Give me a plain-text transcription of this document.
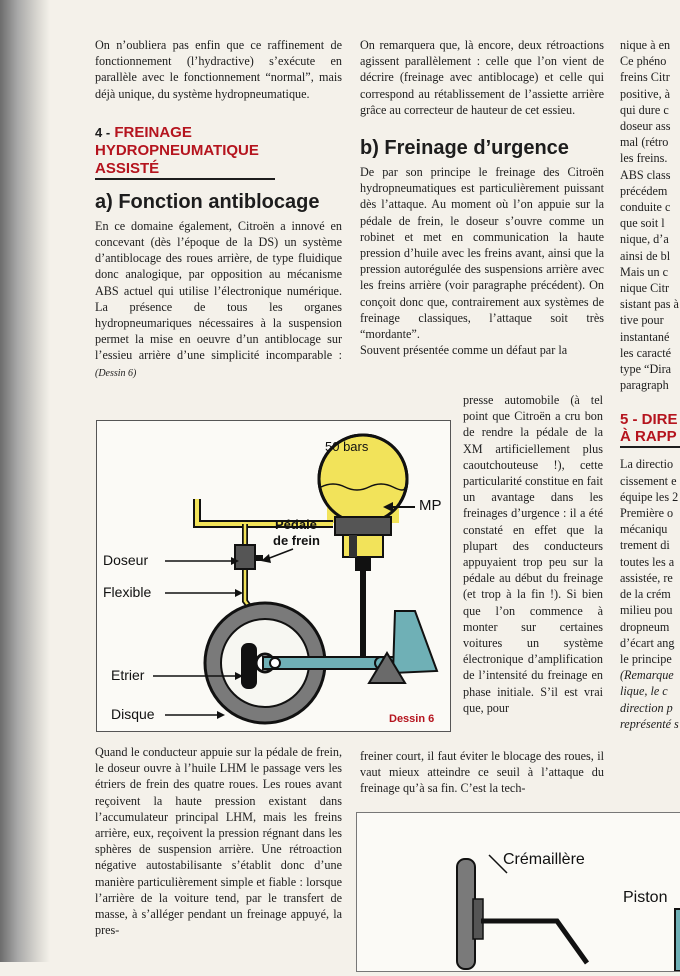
On n’oubliera pas enfin que ce raffinement de fonctionnement (l’hydractive) s’exécute en parallèle avec le fonctionnement “normal”, mais déjà unique, du système hydropneumatique.

4 - FREINAGE
HYDROPNEUMATIQUE
ASSISTÉ
a) Fonction antiblocage

En ce domaine également, Citroën a innové en concevant (dès l’époque de la DS) un système d’antiblocage des roues arrière, de type fluidique donc analogique, par opposition au mécanisme ABS actuel qui utilise l’électronique numérique. La présence de tous les organes hydropneumariques nécessaires à la suspension permet la mise en oeuvre d’un antiblocage sur l’essieu arrière d’une simplicité incomparable : (Dessin 6)

50 bars
MP
Pédale
de frein
Doseur
Flexible
Etrier
Disque	Dessin 6

Quand le conducteur appuie sur la pédale de frein, le doseur ouvre à l’huile LHM le passage vers les étriers de frein des quatre roues. Les roues avant reçoivent la haute pression existant dans l’accumulateur principal LHM, mais les freins arrière, eux, reçoivent la pression régnant dans les sphères de suspension arrière. Une rétroaction négative autostabilisante s’établit donc d’une manière particulièrement simple et fiable : lorsque l’arrière de la voiture tend, par le transfert de masse, à s’alléger pendant un freinage appuyé, la pres-

On remarquera que, là encore, deux rétroactions agissent parallèlement : celle que l’on vient de décrire (freinage avec antiblocage) et celle qui correspond au rétablissement de l’assiette arrière grâce au correcteur de hauteur de cet essieu.

b) Freinage d’urgence

De par son principe le freinage des Citroën hydropneumatiques est particulièrement puissant dès l’attaque. Au moment où l’on appuie sur la pédale de frein, le doseur s’ouvre comme un robinet et met en communication la haute pression d’huile avec les freins avant, ainsi que la pression autorégulée des suspensions arrière avec les freins arrière (voir paragraphe précédent). On conçoit donc que, contrairement aux systèmes de freinage classiques, l’attaque soit très “mordante”.

Souvent présentée comme un défaut par la

presse automobile (à tel point que Citroën a cru bon de rendre la pédale de la XM artificiellement plus caoutchouteuse !), cette particularité constitue en fait un avantage dans les freinages d’urgence : il a été constaté en effet que la plupart des conducteurs appuyaient trop peu sur la pédale au début du freinage (et trop à la fin !). Si bien que l’on commence à monter sur certaines voitures un système électronique d’amplification de l’intensité du freinage en phase initiale. S’il est vrai que, pour

freiner court, il faut éviter le blocage des roues, il vaut mieux atteindre ce seuil à l’attaque du freinage qu’à sa fin. C’est la tech-

Crémaillère
Piston
nique à en
Ce phéno
freins Citr
positive, à
qui dure c
doseur ass
mal (rétro
les freins.
ABS class
précédem
conduite c
que soit l
nique, d’a
ainsi de bl
Mais un c
nique Citr
sistant pas à
tive pour
instantané
les caracté
type “Dira
paragraph
5 - DIRE
À RAPP
La directio
cissement e
équipe les 2
Première o
mécaniqu
trement di
toutes les a
assistée, re
de la crém
milieu pou
dropneum
d’écart ang
le principe
(Remarque
lique, le c
direction p
représenté s
